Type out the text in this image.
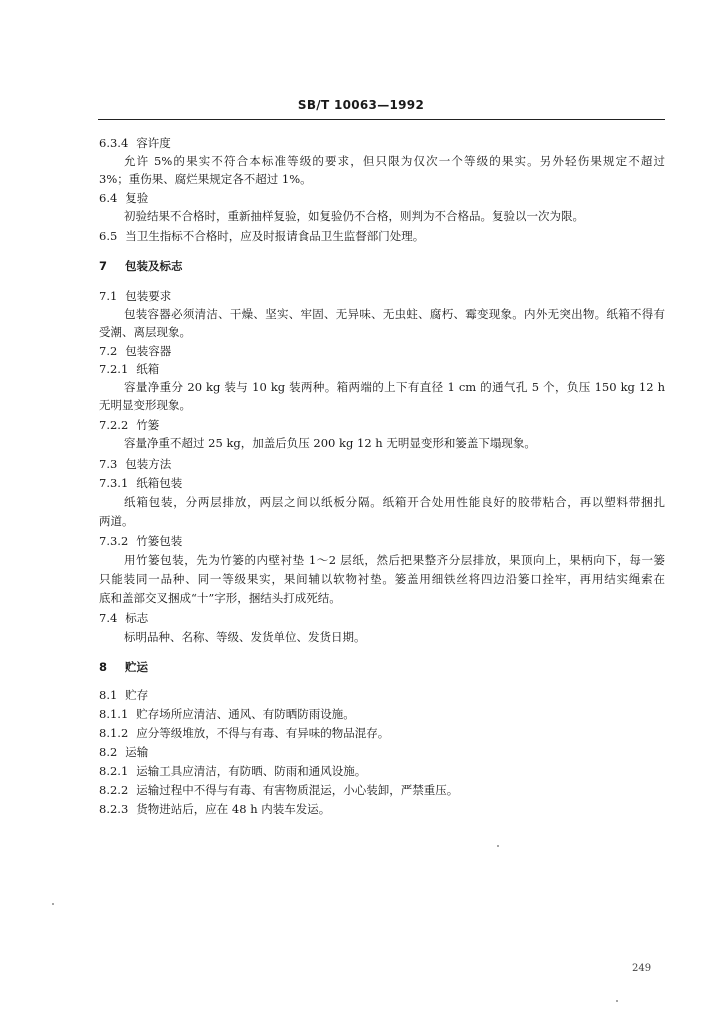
SB/T 10063—1992
6.3.4 容许度
允许 5%的果实不符合本标准等级的要求，但只限为仅次一个等级的果实。另外轻伤果规定不超过
3%；重伤果、腐烂果规定各不超过 1%。
6.4 复验
初验结果不合格时，重新抽样复验，如复验仍不合格，则判为不合格品。复验以一次为限。
6.5 当卫生指标不合格时，应及时报请食品卫生监督部门处理。
7 包装及标志
7.1 包装要求
包装容器必须清洁、干燥、坚实、牢固、无异味、无虫蛀、腐朽、霉变现象。内外无突出物。纸箱不得有
受潮、离层现象。
7.2 包装容器
7.2.1 纸箱
容量净重分 20 kg 装与 10 kg 装两种。箱两端的上下有直径 1 cm 的通气孔 5 个，负压 150 kg 12 h
无明显变形现象。
7.2.2 竹篓
容量净重不超过 25 kg，加盖后负压 200 kg 12 h 无明显变形和篓盖下塌现象。
7.3 包装方法
7.3.1 纸箱包装
纸箱包装，分两层排放，两层之间以纸板分隔。纸箱开合处用性能良好的胶带粘合，再以塑料带捆扎
两道。
7.3.2 竹篓包装
用竹篓包装，先为竹篓的内壁衬垫 1～2 层纸，然后把果整齐分层排放，果顶向上，果柄向下，每一篓
只能装同一品种、同一等级果实，果间辅以软物衬垫。篓盖用细铁丝将四边沿篓口拴牢，再用结实绳索在
底和盖部交叉捆成“十”字形，捆结头打成死结。
7.4 标志
标明品种、名称、等级、发货单位、发货日期。
8 贮运
8.1 贮存
8.1.1 贮存场所应清洁、通风、有防晒防雨设施。
8.1.2 应分等级堆放，不得与有毒、有异味的物品混存。
8.2 运输
8.2.1 运输工具应清洁，有防晒、防雨和通风设施。
8.2.2 运输过程中不得与有毒、有害物质混运，小心装卸，严禁重压。
8.2.3 货物进站后，应在 48 h 内装车发运。
249
